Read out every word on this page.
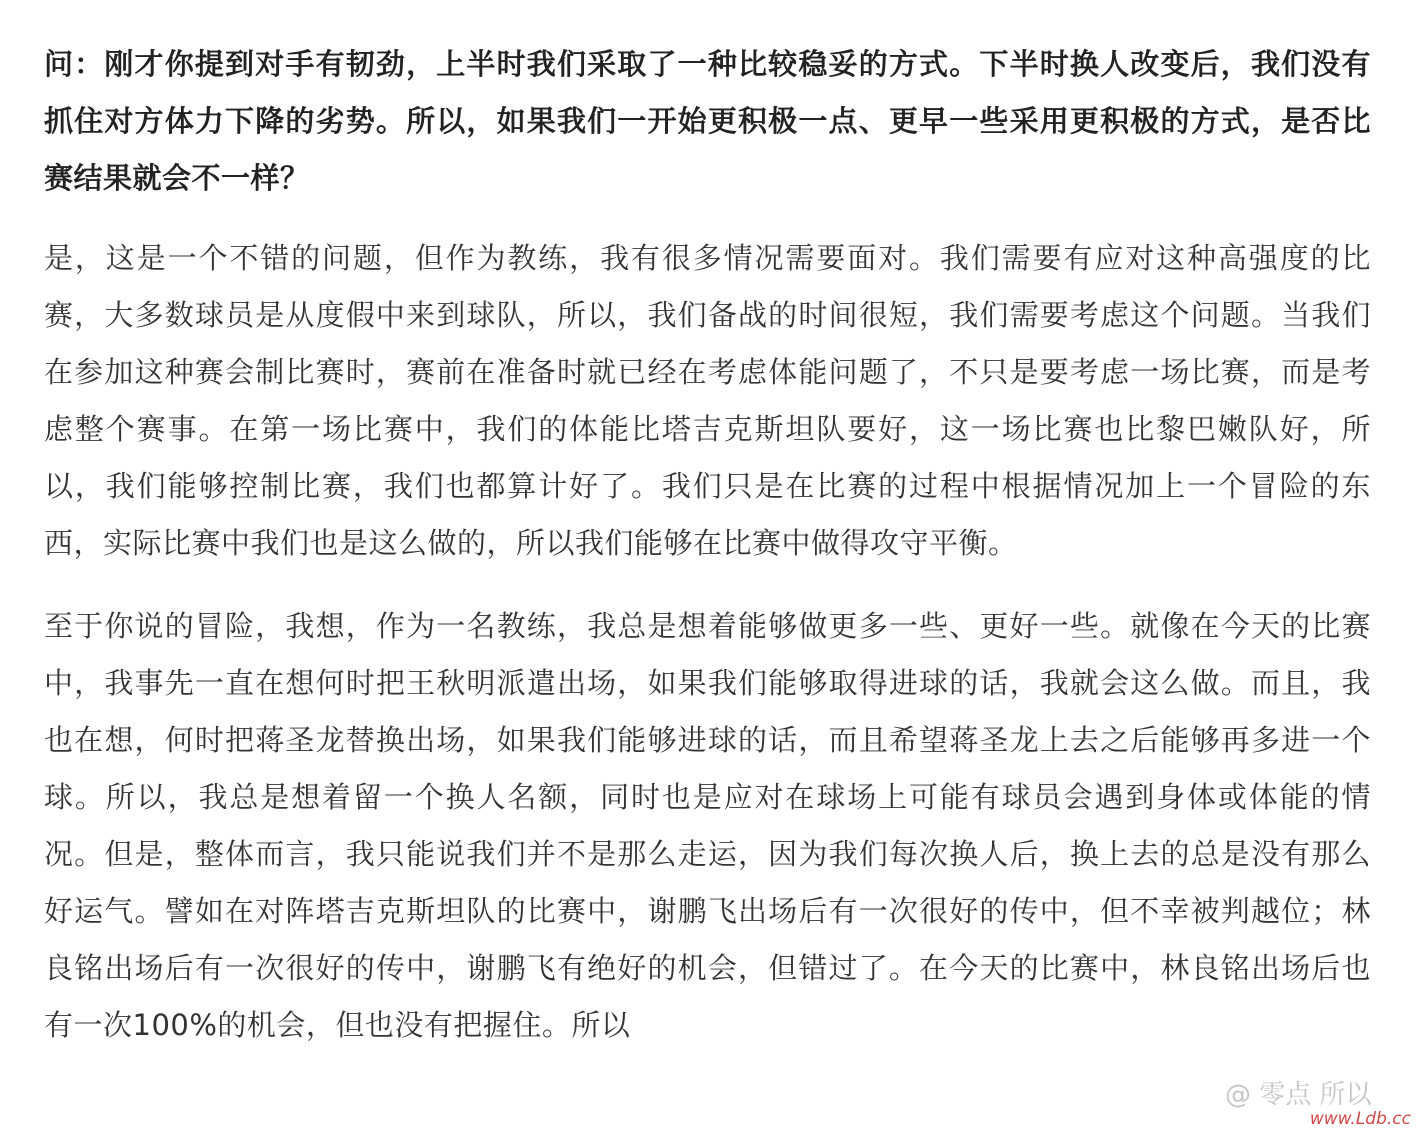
问：刚才你提到对手有韧劲，上半时我们采取了一种比较稳妥的方式。下半时换人改变后，我们没有抓住对方体力下降的劣势。所以，如果我们一开始更积极一点、更早一些采用更积极的方式，是否比赛结果就会不一样？

是，这是一个不错的问题，但作为教练，我有很多情况需要面对。我们需要有应对这种高强度的比赛，大多数球员是从度假中来到球队，所以，我们备战的时间很短，我们需要考虑这个问题。当我们在参加这种赛会制比赛时，赛前在准备时就已经在考虑体能问题了，不只是要考虑一场比赛，而是考虑整个赛事。在第一场比赛中，我们的体能比塔吉克斯坦队要好，这一场比赛也比黎巴嫩队好，所以，我们能够控制比赛，我们也都算计好了。我们只是在比赛的过程中根据情况加上一个冒险的东西，实际比赛中我们也是这么做的，所以我们能够在比赛中做得攻守平衡。

至于你说的冒险，我想，作为一名教练，我总是想着能够做更多一些、更好一些。就像在今天的比赛中，我事先一直在想何时把王秋明派遣出场，如果我们能够取得进球的话，我就会这么做。而且，我也在想，何时把蒋圣龙替换出场，如果我们能够进球的话，而且希望蒋圣龙上去之后能够再多进一个球。所以，我总是想着留一个换人名额，同时也是应对在球场上可能有球员会遇到身体或体能的情况。但是，整体而言，我只能说我们并不是那么走运，因为我们每次换人后，换上去的总是没有那么好运气。譬如在对阵塔吉克斯坦队的比赛中，谢鹏飞出场后有一次很好的传中，但不幸被判越位；林良铭出场后有一次很好的传中，谢鹏飞有绝好的机会，但错过了。在今天的比赛中，林良铭出场后也有一次100%的机会，但也没有把握住。所以

@ 零点 所以
www.Ldb.cc
